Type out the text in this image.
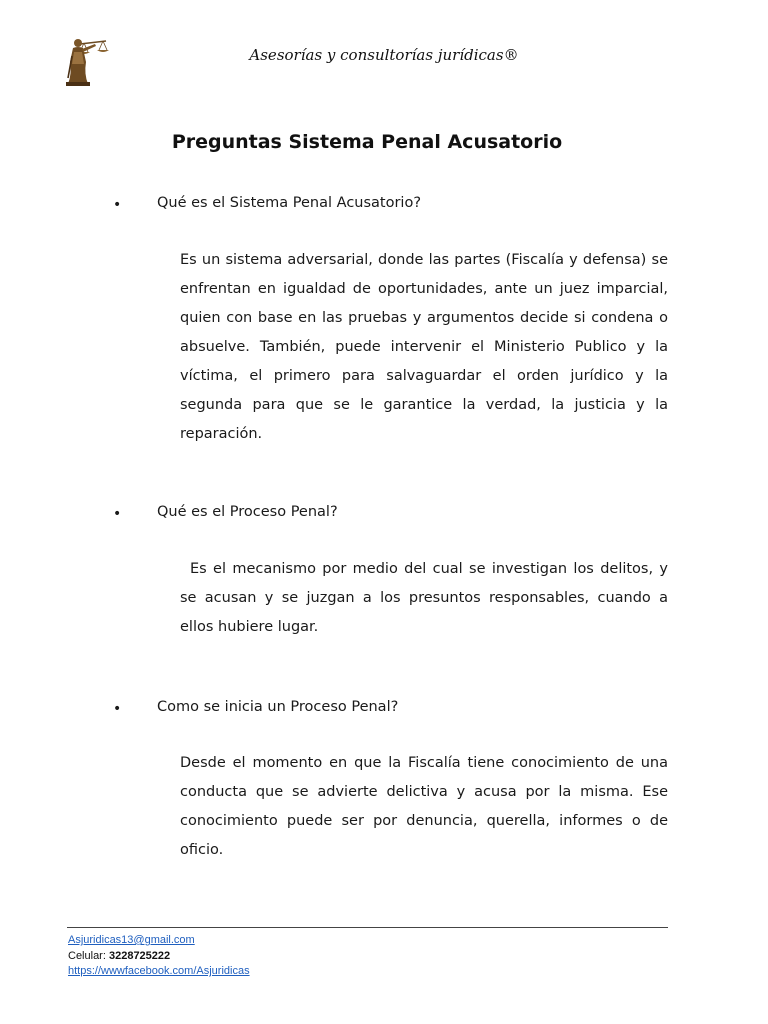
Asesorías y consultorías jurídicas®
Preguntas Sistema Penal Acusatorio
• Qué es el Sistema Penal Acusatorio?

Es un sistema adversarial, donde las partes (Fiscalía y defensa) se enfrentan en igualdad de oportunidades, ante un juez imparcial, quien con base en las pruebas y argumentos decide si condena o absuelve. También, puede intervenir el Ministerio Publico y la víctima, el primero para salvaguardar el orden jurídico y la segunda para que se le garantice la verdad, la justicia y la reparación.

• Qué es el Proceso Penal?

Es el mecanismo por medio del cual se investigan los delitos, y se acusan y se juzgan a los presuntos responsables, cuando a ellos hubiere lugar.

• Como se inicia un Proceso Penal?

Desde el momento en que la Fiscalía tiene conocimiento de una conducta que se advierte delictiva y acusa por la misma. Ese conocimiento puede ser por denuncia, querella, informes o de oficio.

Asjuridicas13@gmail.com
Celular: 3228725222
https://wwwfacebook.com/Asjuridicas
